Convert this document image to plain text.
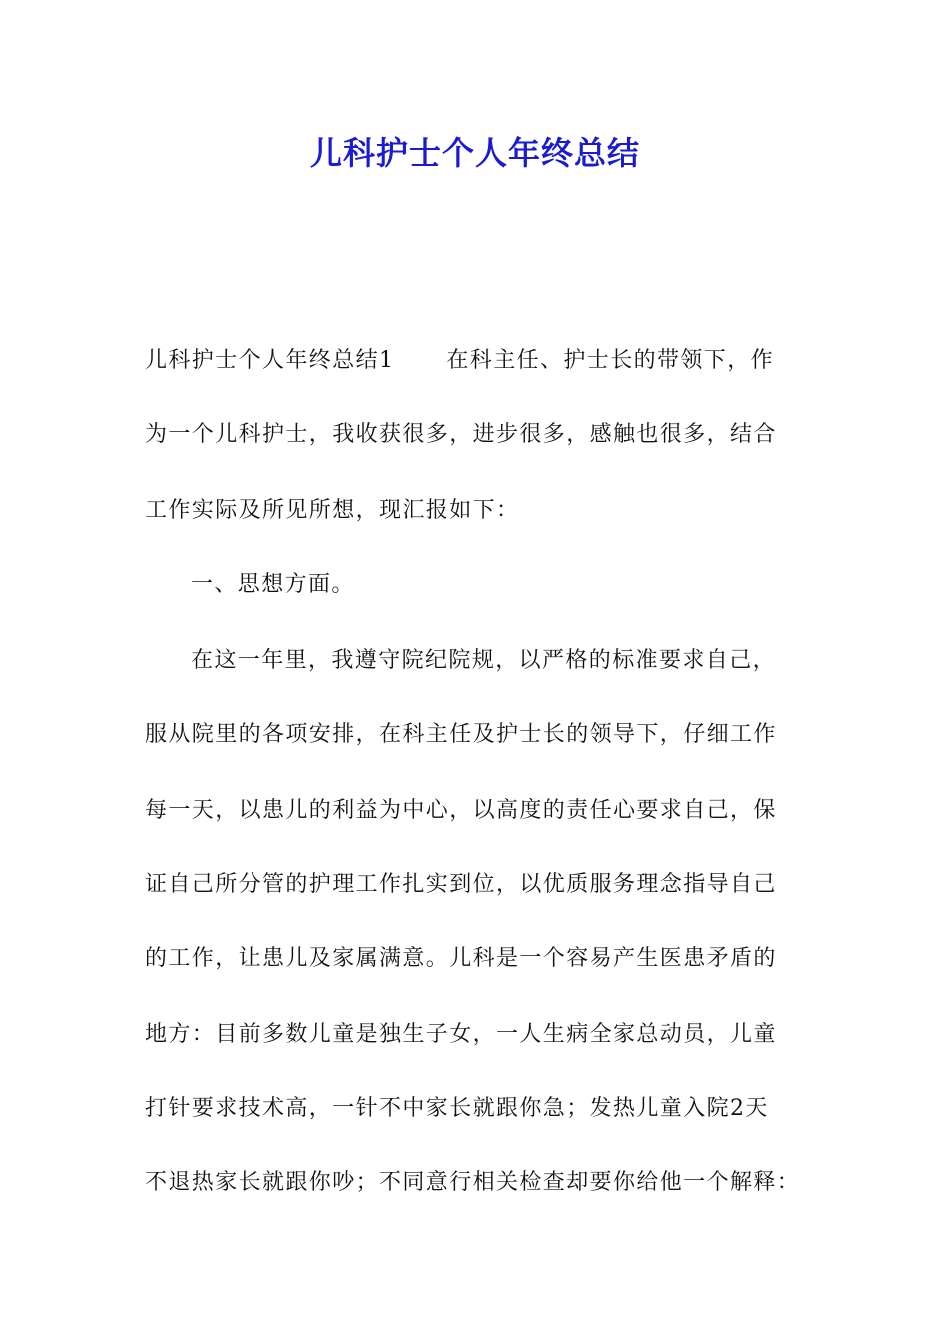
儿科护士个人年终总结
儿科护士个人年终总结1 在科主任、护士长的带领下，作
为一个儿科护士，我收获很多，进步很多，感触也很多，结合
工作实际及所见所想，现汇报如下：
一、思想方面。
在这一年里，我遵守院纪院规，以严格的标准要求自己，
服从院里的各项安排，在科主任及护士长的领导下，仔细工作
每一天，以患儿的利益为中心，以高度的责任心要求自己，保
证自己所分管的护理工作扎实到位，以优质服务理念指导自己
的工作，让患儿及家属满意。儿科是一个容易产生医患矛盾的
地方：目前多数儿童是独生子女，一人生病全家总动员，儿童
打针要求技术高，一针不中家长就跟你急；发热儿童入院2天
不退热家长就跟你吵；不同意行相关检查却要你给他一个解释：
